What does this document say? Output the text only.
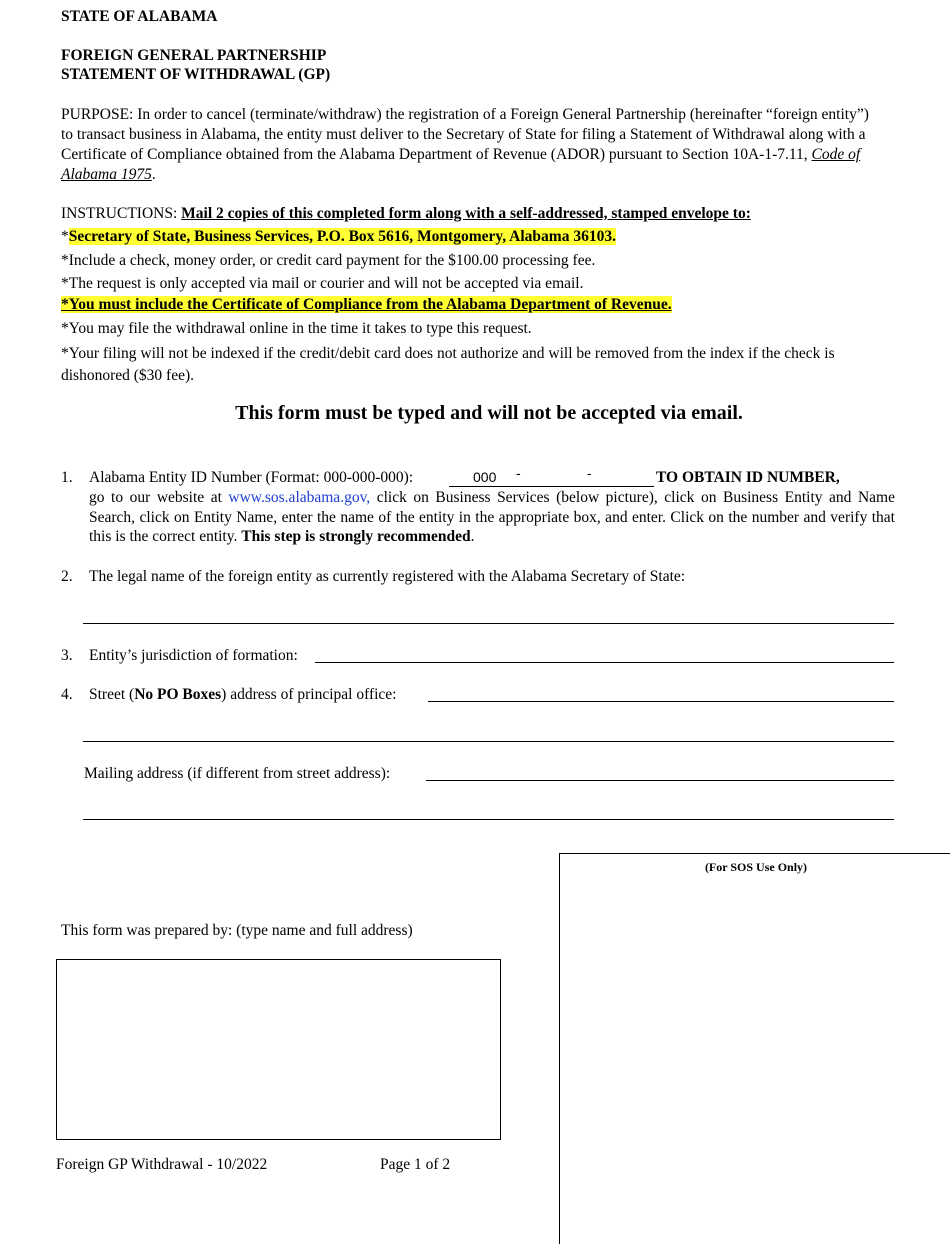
STATE OF ALABAMA
FOREIGN GENERAL PARTNERSHIP
STATEMENT OF WITHDRAWAL (GP)
PURPOSE: In order to cancel (terminate/withdraw) the registration of a Foreign General Partnership (hereinafter “foreign entity”) to transact business in Alabama, the entity must deliver to the Secretary of State for filing a Statement of Withdrawal along with a Certificate of Compliance obtained from the Alabama Department of Revenue (ADOR) pursuant to Section 10A-1-7.11, Code of Alabama 1975.
INSTRUCTIONS: Mail 2 copies of this completed form along with a self-addressed, stamped envelope to:
*Secretary of State, Business Services, P.O. Box 5616, Montgomery, Alabama 36103.
*Include a check, money order, or credit card payment for the $100.00 processing fee.
*The request is only accepted via mail or courier and will not be accepted via email.
*You must include the Certificate of Compliance from the Alabama Department of Revenue.
*You may file the withdrawal online in the time it takes to type this request.
*Your filing will not be indexed if the credit/debit card does not authorize and will be removed from the index if the check is dishonored ($30 fee).
This form must be typed and will not be accepted via email.
1. Alabama Entity ID Number (Format: 000-000-000):	000 -	-	TO OBTAIN ID NUMBER,
go to our website at www.sos.alabama.gov, click on Business Services (below picture), click on Business Entity and Name Search, click on Entity Name, enter the name of the entity in the appropriate box, and enter. Click on the number and verify that this is the correct entity. This step is strongly recommended.
2. The legal name of the foreign entity as currently registered with the Alabama Secretary of State:
3. Entity’s jurisdiction of formation:
4. Street (No PO Boxes) address of principal office:
Mailing address (if different from street address):
(For SOS Use Only)
This form was prepared by: (type name and full address)
Foreign GP Withdrawal - 10/2022	Page 1 of 2
